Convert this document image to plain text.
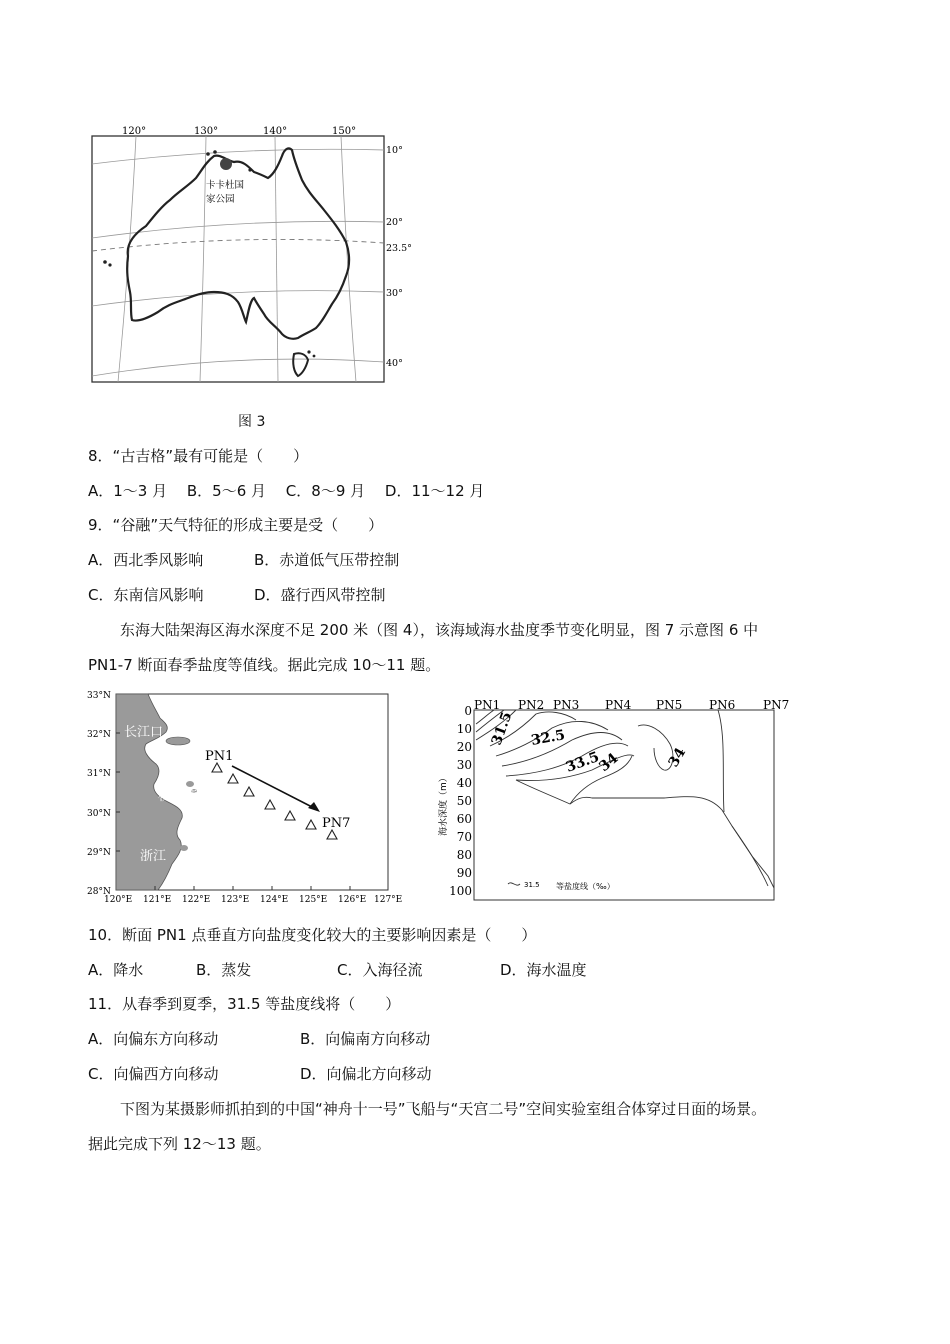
120°	130°	140°	150°
10°
20°
23.5°
30°
40°
卡卡杜国
家公园
图 3
8．“古吉格”最有可能是（　　）
A．1～3 月　 B．5～6 月　 C．8～9 月　 D．11～12 月
9．“谷融”天气特征的形成主要是受（　　）
A．西北季风影响	B．赤道低气压带控制
C．东南信风影响	D．盛行西风带控制
东海大陆架海区海水深度不足 200 米（图 4），该海域海水盐度季节变化明显，图 7 示意图 6 中
PN1-7 断面春季盐度等值线。据此完成 10～11 题。
33°N
32°N
31°N
30°N
29°N
28°N
120°E 121°E 122°E 123°E 124°E 125°E 126°E 127°E
长江口
杭州湾
浙江
PN1
PN7
PN1 PN2 PN3 PN4 PN5 PN6 PN7
0
10
20
30
40
50
60
70
80
90
100
海水深度（m）
31.5 32.5
33.5
34	34
31.5 等盐度线（‰）
10．断面 PN1 点垂直方向盐度变化较大的主要影响因素是（　　）
A．降水	B．蒸发	C．入海径流	D．海水温度
11．从春季到夏季，31.5 等盐度线将（　　）
A．向偏东方向移动	B．向偏南方向移动
C．向偏西方向移动	D．向偏北方向移动
下图为某摄影师抓拍到的中国“神舟十一号”飞船与“天宫二号”空间实验室组合体穿过日面的场景。
据此完成下列 12～13 题。
